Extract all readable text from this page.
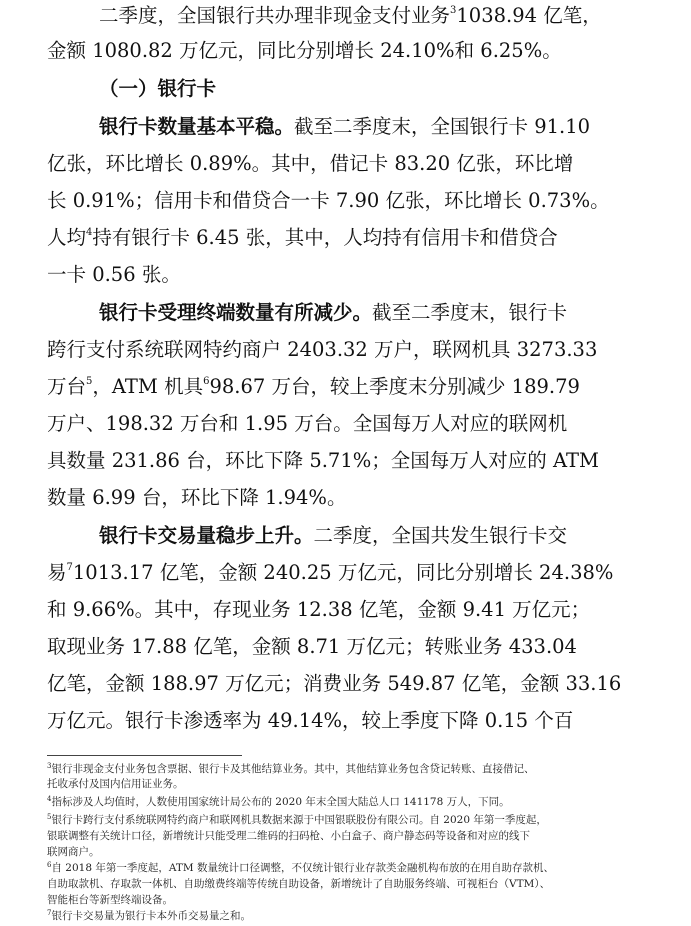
二季度，全国银行共办理非现金支付业务$^3$1038.94 亿笔，
金额 1080.82 万亿元，同比分别增长 24.10%和 6.25%。
（一）银行卡
银行卡数量基本平稳。截至二季度末，全国银行卡 91.10
亿张，环比增长 0.89%。其中，借记卡 83.20 亿张，环比增
长 0.91%；信用卡和借贷合一卡 7.90 亿张，环比增长 0.73%。
人均$^4$持有银行卡 6.45 张，其中，人均持有信用卡和借贷合
一卡 0.56 张。
银行卡受理终端数量有所减少。截至二季度末，银行卡
跨行支付系统联网特约商户 2403.32 万户，联网机具 3273.33
万台$^5$，ATM 机具$^6$98.67 万台，较上季度末分别减少 189.79
万户、198.32 万台和 1.95 万台。全国每万人对应的联网机
具数量 231.86 台，环比下降 5.71%；全国每万人对应的 ATM
数量 6.99 台，环比下降 1.94%。
银行卡交易量稳步上升。二季度，全国共发生银行卡交
易$^7$1013.17 亿笔，金额 240.25 万亿元，同比分别增长 24.38%
和 9.66%。其中，存现业务 12.38 亿笔，金额 9.41 万亿元；
取现业务 17.88 亿笔，金额 8.71 万亿元；转账业务 433.04
亿笔，金额 188.97 万亿元；消费业务 549.87 亿笔，金额 33.16
万亿元。银行卡渗透率为 49.14%，较上季度下降 0.15 个百
$^3$银行非现金支付业务包含票据、银行卡及其他结算业务。其中，其他结算业务包含贷记转账、直接借记、
托收承付及国内信用证业务。
$^4$指标涉及人均值时，人数使用国家统计局公布的 2020 年末全国大陆总人口 141178 万人，下同。
$^5$银行卡跨行支付系统联网特约商户和联网机具数据来源于中国银联股份有限公司。自 2020 年第一季度起，
银联调整有关统计口径，新增统计只能受理二维码的扫码枪、小白盒子、商户静态码等设备和对应的线下
联网商户。
$^6$自 2018 年第一季度起，ATM 数量统计口径调整，不仅统计银行业存款类金融机构布放的在用自助存款机、
自助取款机、存取款一体机、自助缴费终端等传统自助设备，新增统计了自助服务终端、可视柜台（VTM）、
智能柜台等新型终端设备。
$^7$银行卡交易量为银行卡本外币交易量之和。
